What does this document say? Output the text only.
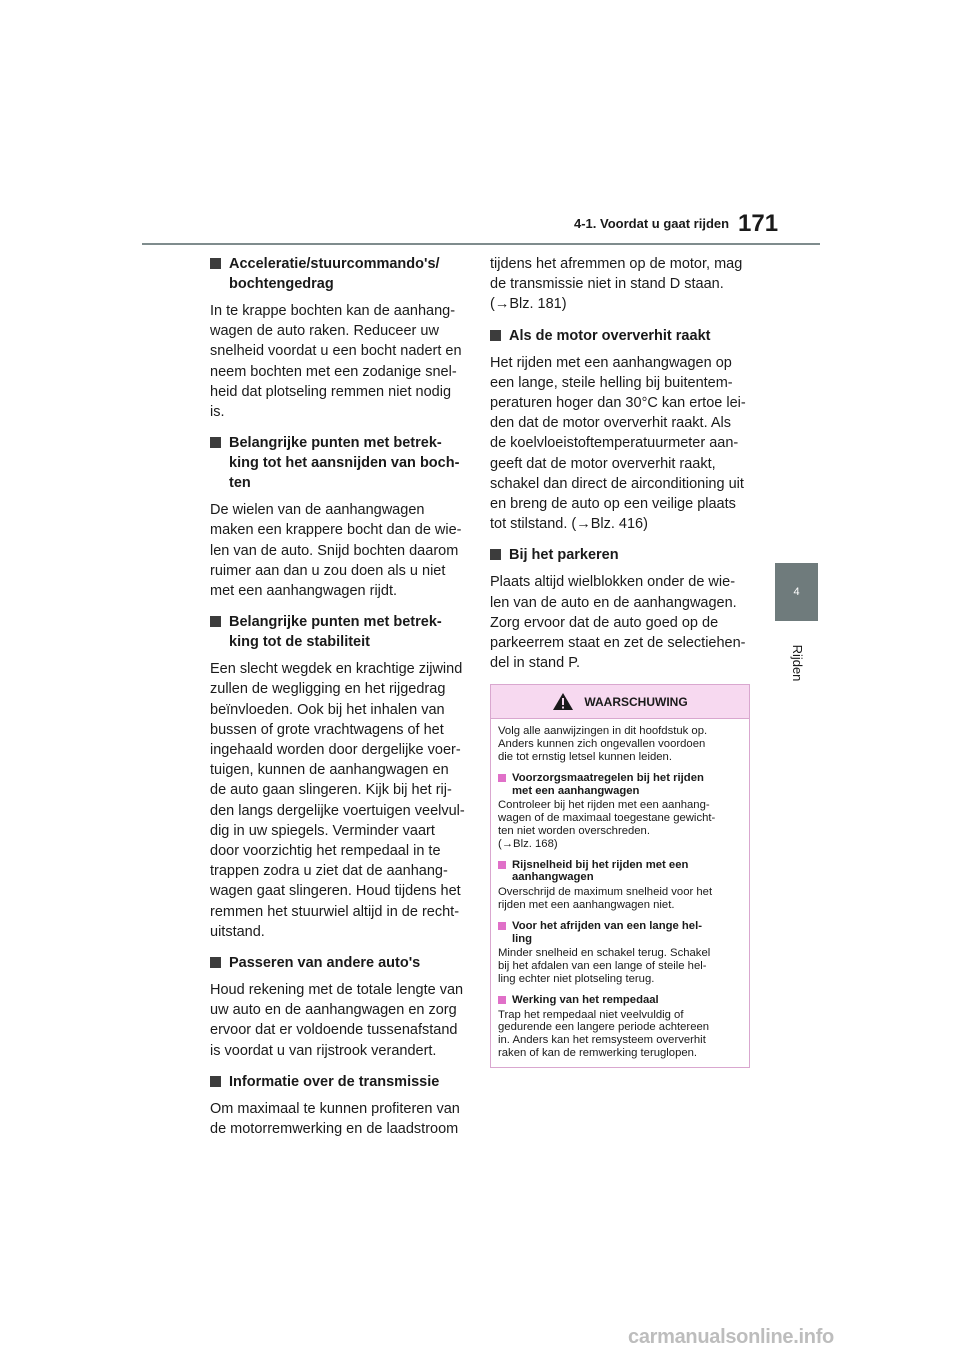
4-1. Voordat u gaat rijden 171
4
Rijden
Acceleratie/stuurcommando's/
bochtengedrag

In te krappe bochten kan de aanhang-
wagen de auto raken. Reduceer uw
snelheid voordat u een bocht nadert en
neem bochten met een zodanige snel-
heid dat plotseling remmen niet nodig
is.

Belangrijke punten met betrek-
king tot het aansnijden van boch-
ten

De wielen van de aanhangwagen
maken een krappere bocht dan de wie-
len van de auto. Snijd bochten daarom
ruimer aan dan u zou doen als u niet
met een aanhangwagen rijdt.

Belangrijke punten met betrek-
king tot de stabiliteit

Een slecht wegdek en krachtige zijwind
zullen de wegligging en het rijgedrag
beïnvloeden. Ook bij het inhalen van
bussen of grote vrachtwagens of het
ingehaald worden door dergelijke voer-
tuigen, kunnen de aanhangwagen en
de auto gaan slingeren. Kijk bij het rij-
den langs dergelijke voertuigen veelvul-
dig in uw spiegels. Verminder vaart
door voorzichtig het rempedaal in te
trappen zodra u ziet dat de aanhang-
wagen gaat slingeren. Houd tijdens het
remmen het stuurwiel altijd in de recht-
uitstand.

Passeren van andere auto's

Houd rekening met de totale lengte van
uw auto en de aanhangwagen en zorg
ervoor dat er voldoende tussenafstand
is voordat u van rijstrook verandert.

Informatie over de transmissie

Om maximaal te kunnen profiteren van
de motorremwerking en de laadstroom

tijdens het afremmen op de motor, mag
de transmissie niet in stand D staan.
(→Blz. 181)

Als de motor oververhit raakt

Het rijden met een aanhangwagen op
een lange, steile helling bij buitentem-
peraturen hoger dan 30°C kan ertoe lei-
den dat de motor oververhit raakt. Als
de koelvloeistoftemperatuurmeter aan-
geeft dat de motor oververhit raakt,
schakel dan direct de airconditioning uit
en breng de auto op een veilige plaats
tot stilstand. (→Blz. 416)

Bij het parkeren

Plaats altijd wielblokken onder de wie-
len van de auto en de aanhangwagen.
Zorg ervoor dat de auto goed op de
parkeerrem staat en zet de selectiehen-
del in stand P.

WAARSCHUWING

Volg alle aanwijzingen in dit hoofdstuk op.
Anders kunnen zich ongevallen voordoen
die tot ernstig letsel kunnen leiden.

Voorzorgsmaatregelen bij het rijden
met een aanhangwagen

Controleer bij het rijden met een aanhang-
wagen of de maximaal toegestane gewicht-
ten niet worden overschreden.
(→Blz. 168)

Rijsnelheid bij het rijden met een
aanhangwagen

Overschrijd de maximum snelheid voor het
rijden met een aanhangwagen niet.

Voor het afrijden van een lange hel-
ling

Minder snelheid en schakel terug. Schakel
bij het afdalen van een lange of steile hel-
ling echter niet plotseling terug.

Werking van het rempedaal

Trap het rempedaal niet veelvuldig of
gedurende een langere periode achtereen
in. Anders kan het remsysteem oververhit
raken of kan de remwerking teruglopen.

carmanualsonline.info
